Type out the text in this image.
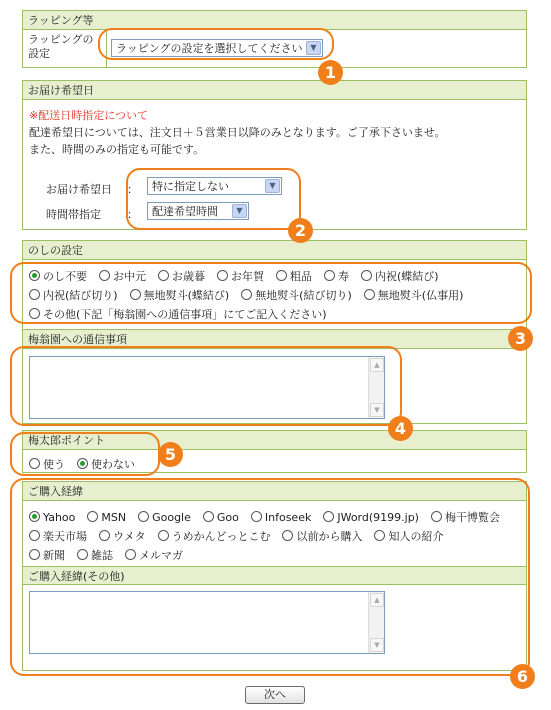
ラッピング等
ラッピングの設定	ラッピングの設定を選択してください ▼
お届け希望日
※配送日時指定について
配達希望日については、注文日＋５営業日以降のみとなります。ご了承下さいませ。
また、時間のみの指定も可能です。
お届け希望日 ：	特に指定しない	▼
時間帯指定 ：	配達希望時間	▼
のしの設定
のし不要 お中元 お歳暮 お年賀 粗品 寿 内祝(蝶結び)
内祝(結び切り) 無地熨斗(蝶結び) 無地熨斗(結び切り) 無地熨斗(仏事用)
その他(下記「梅翁園への通信事項」にてご記入ください)
梅翁園への通信事項
▲
▼
梅太郎ポイント
使う 使わない
ご購入経緯
Yahoo MSN Google Goo Infoseek JWord(9199.jp) 梅干博覧会
楽天市場 ウメタ うめかんどっとこむ 以前から購入 知人の紹介
新聞 雑誌 メルマガ
ご購入経緯(その他)
▲
▼
次へ
1
2
3
4
5
6
